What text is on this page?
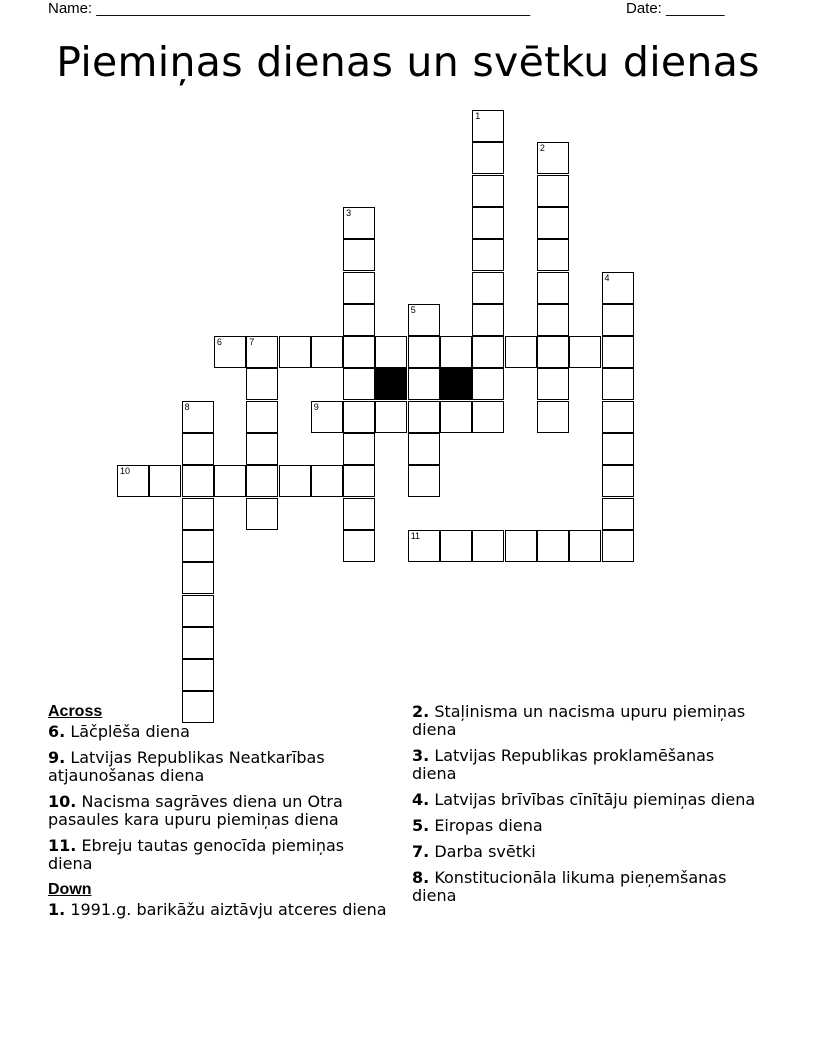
Name: ____________________________________________________	Date: _______
Piemiņas dienas un svētku dienas
1
2
3
4
5
6	7
8	9
10
11
Across
6. Lāčplēša diena
9. Latvijas Republikas Neatkarības atjaunošanas diena
10. Nacisma sagrāves diena un Otra pasaules kara upuru piemiņas diena
11. Ebreju tautas genocīda piemiņas diena
Down
1. 1991.g. barikāžu aiztāvju atceres diena
2. Staļinisma un nacisma upuru piemiņas diena
3. Latvijas Republikas proklamēšanas diena
4. Latvijas brīvības cīnītāju piemiņas diena
5. Eiropas diena
7. Darba svētki
8. Konstitucionāla likuma pieņemšanas diena
